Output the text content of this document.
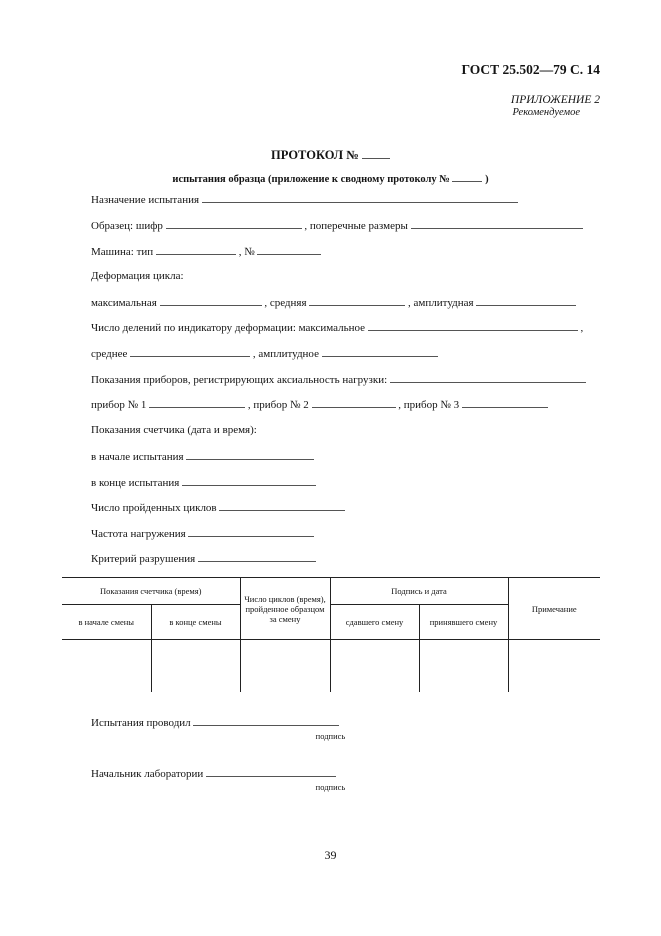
ГОСТ 25.502—79 С. 14
ПРИЛОЖЕНИЕ 2
Рекомендуемое
ПРОТОКОЛ №
испытания образца (приложение к сводному протоколу №	)
Назначение испытания
Образец: шифр	, поперечные размеры
Машина: тип	, №
Деформация цикла:
максимальная	, средняя	, амплитудная
Число делений по индикатору деформации: максимальное	,
среднее	, амплитудное
Показания приборов, регистрирующих аксиальность нагрузки:
прибор № 1	, прибор № 2	, прибор № 3
Показания счетчика (дата и время):
в начале испытания
в конце испытания
Число пройденных циклов
Частота нагружения
Критерий разрушения
Показания счетчика (время)		Число циклов (время), пройденное образцом за смену	Подпись и дата		Примечание
в начале смены	в конце смены		сдавшего смену	принявшего смену	

Испытания проводил
подпись
Начальник лаборатории
подпись
39
